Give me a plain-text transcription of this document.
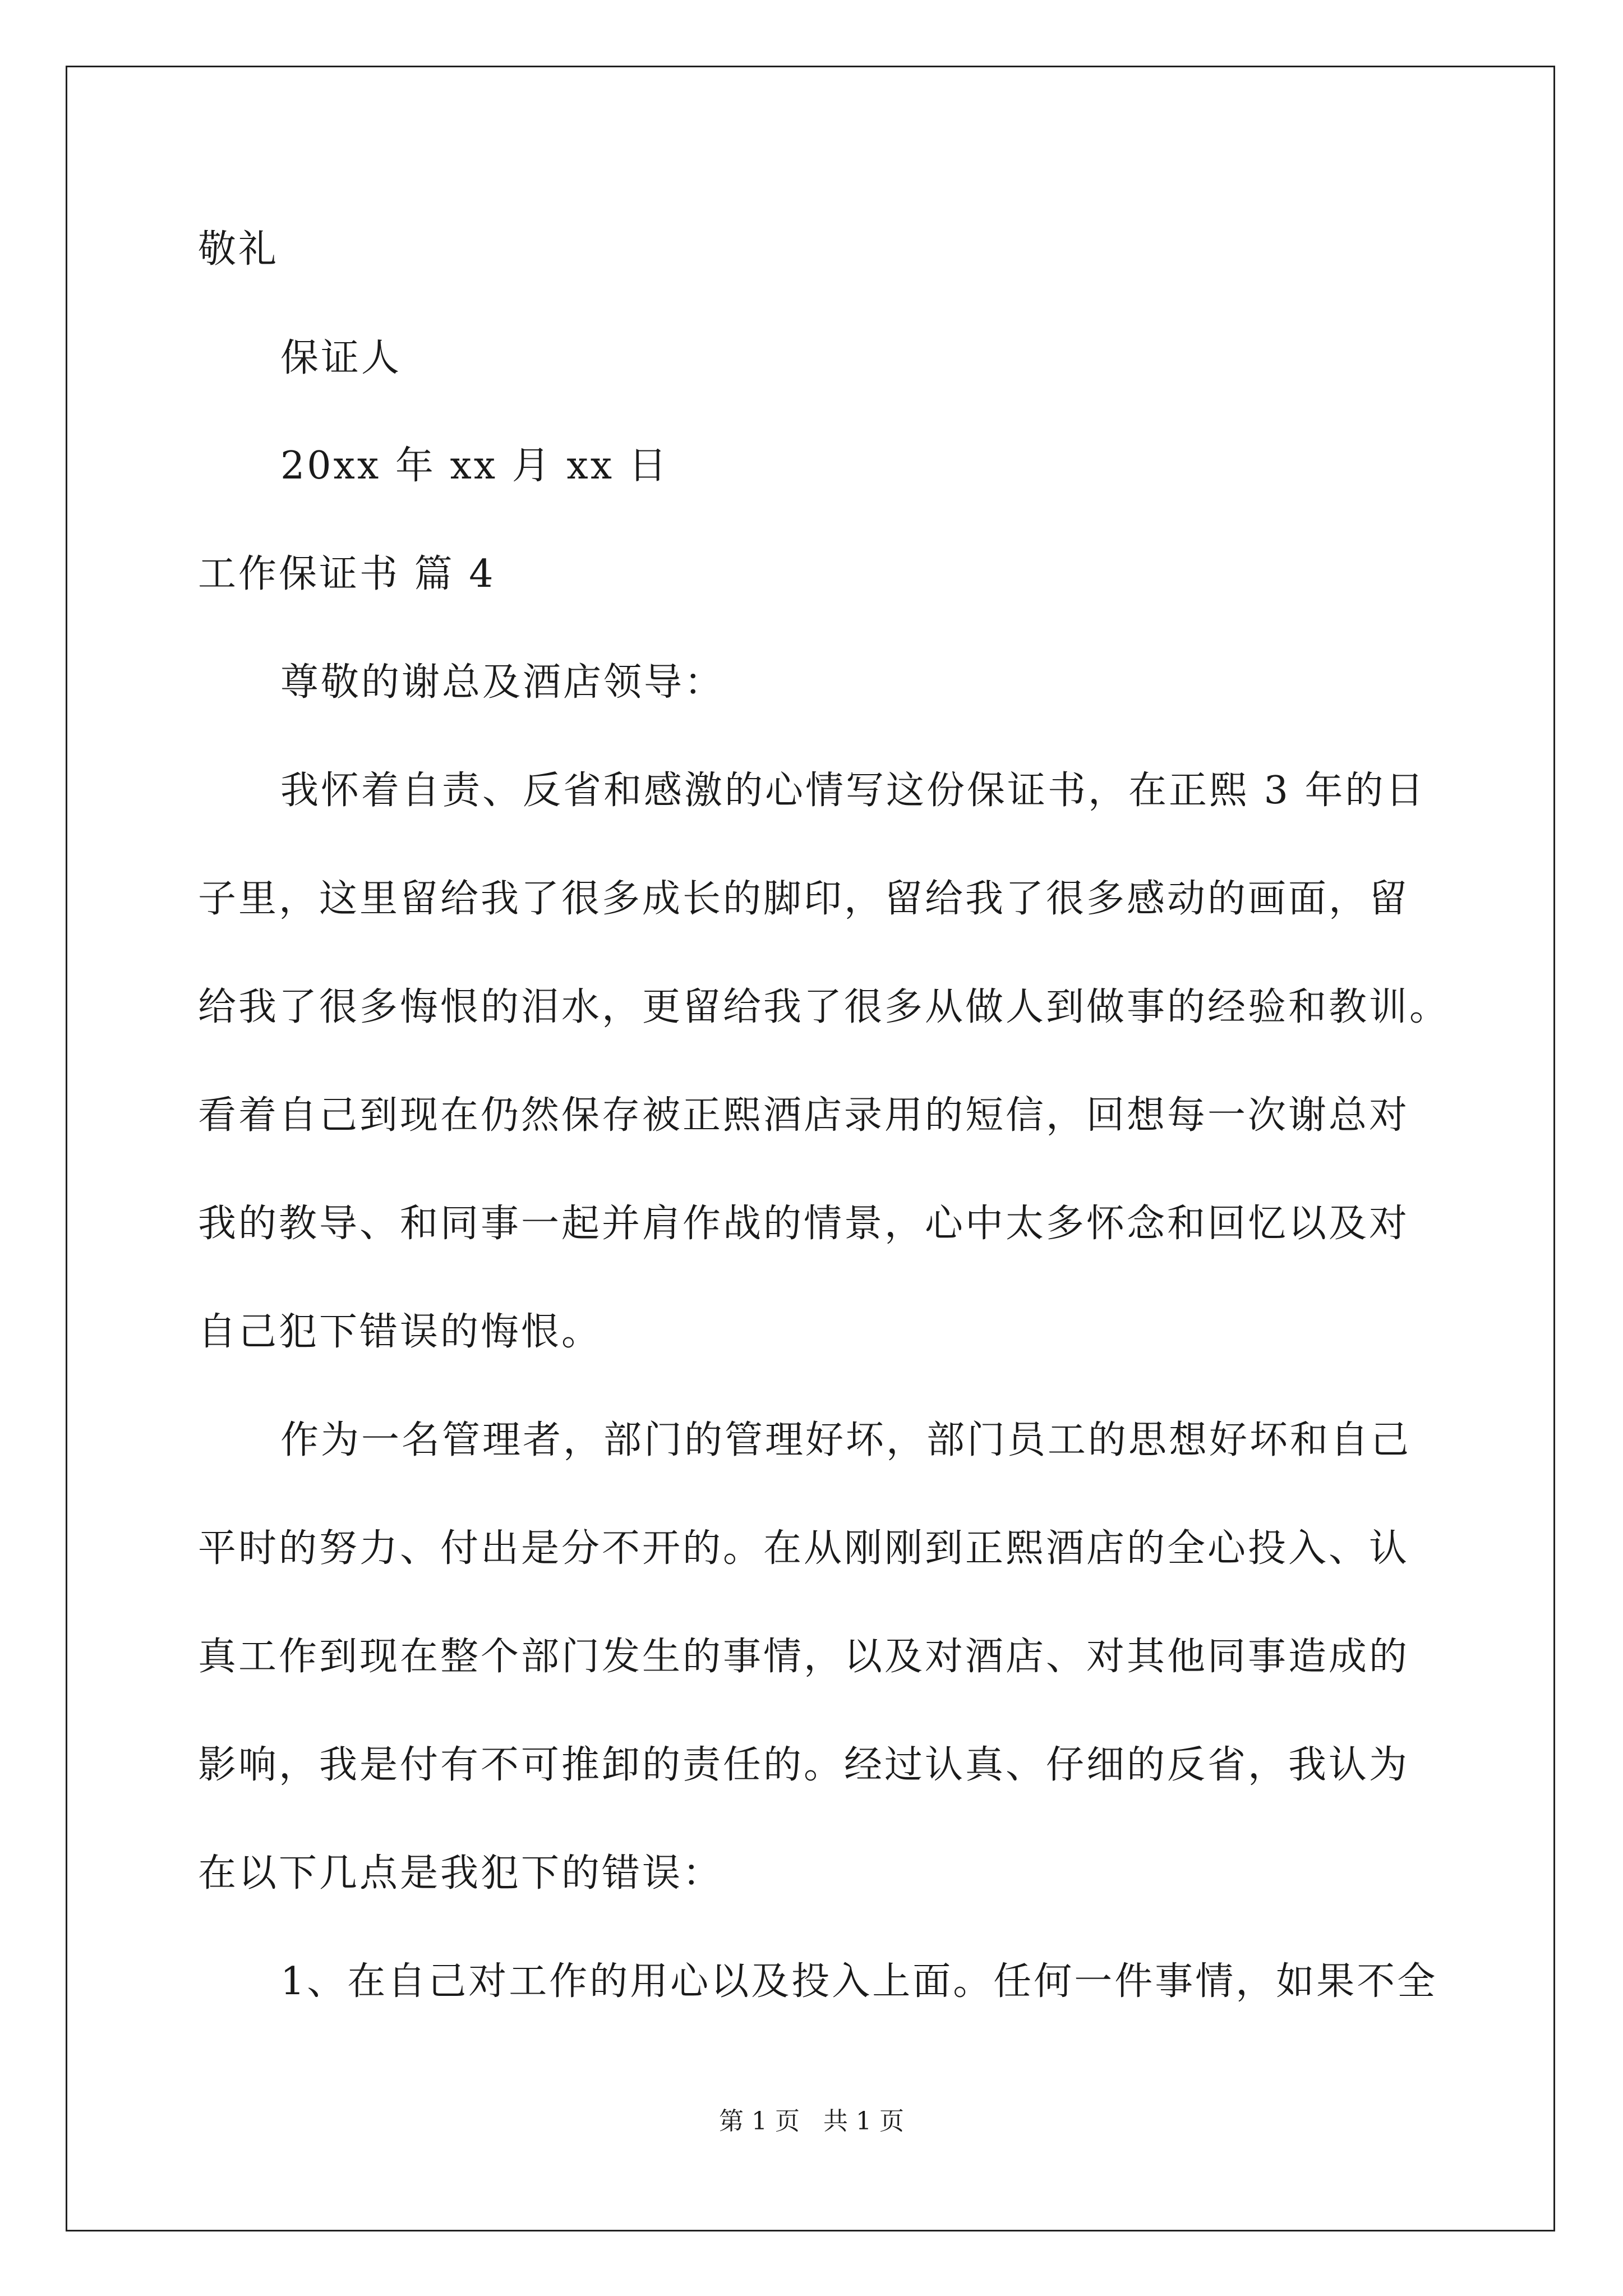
敬礼
保证人
20xx 年 xx 月 xx 日
工作保证书 篇 4
尊敬的谢总及酒店领导：
我怀着自责、反省和感激的心情写这份保证书，在正熙 3 年的日
子里，这里留给我了很多成长的脚印，留给我了很多感动的画面，留
给我了很多悔恨的泪水，更留给我了很多从做人到做事的经验和教训。
看着自己到现在仍然保存被正熙酒店录用的短信，回想每一次谢总对
我的教导、和同事一起并肩作战的情景，心中太多怀念和回忆以及对
自己犯下错误的悔恨。
作为一名管理者，部门的管理好坏，部门员工的思想好坏和自己
平时的努力、付出是分不开的。在从刚刚到正熙酒店的全心投入、认
真工作到现在整个部门发生的事情，以及对酒店、对其他同事造成的
影响，我是付有不可推卸的责任的。经过认真、仔细的反省，我认为
在以下几点是我犯下的错误：
1、在自己对工作的用心以及投入上面。任何一件事情，如果不全
第 1 页   共 1 页
